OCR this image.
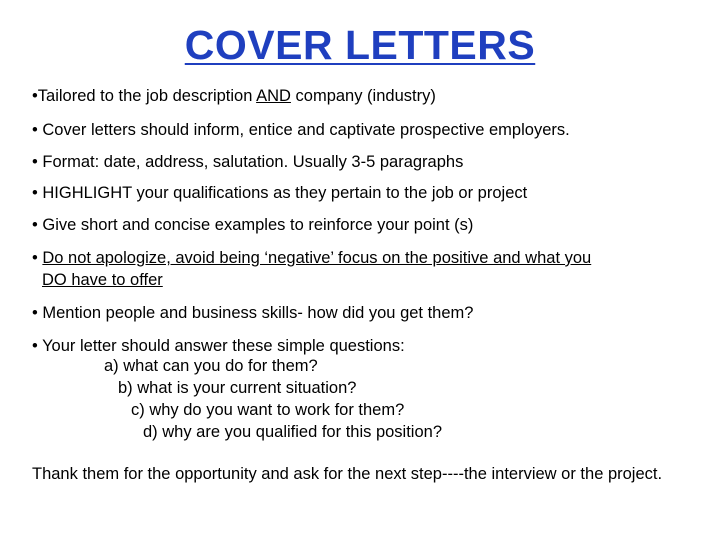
COVER LETTERS
•Tailored to the job description AND company (industry)
• Cover letters should inform, entice and captivate prospective employers.
• Format: date, address, salutation. Usually 3-5 paragraphs
• HIGHLIGHT your qualifications as they pertain to the job or project
• Give short and concise examples to reinforce your point (s)
• Do not apologize, avoid being ‘negative’ focus on the positive and what you
DO have to offer
• Mention people and business skills- how did you get them?
• Your letter should answer these simple questions:
a) what can you do for them?
b) what is your current situation?
c) why do you want to work for them?
d) why are you qualified for this position?
Thank them for the opportunity and ask for the next step----the interview or the project.
